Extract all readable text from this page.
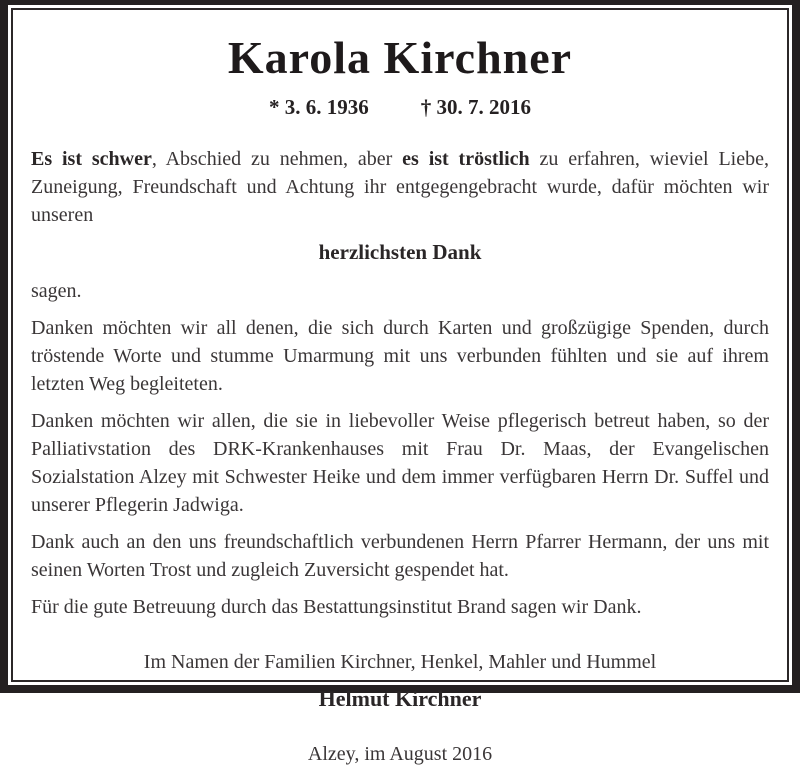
Karola Kirchner
* 3. 6. 1936 † 30. 7. 2016

Es ist schwer, Abschied zu nehmen, aber es ist tröstlich zu erfahren, wieviel Liebe, Zuneigung, Freundschaft und Achtung ihr entgegengebracht wurde, dafür möchten wir unseren

herzlichsten Dank

sagen.

Danken möchten wir all denen, die sich durch Karten und großzügige Spenden, durch tröstende Worte und stumme Umarmung mit uns verbunden fühlten und sie auf ihrem letzten Weg begleiteten.

Danken möchten wir allen, die sie in liebevoller Weise pflegerisch betreut haben, so der Palliativstation des DRK-Krankenhauses mit Frau Dr. Maas, der Evangelischen Sozialstation Alzey mit Schwester Heike und dem immer verfügbaren Herrn Dr. Suffel und unserer Pflegerin Jadwiga.

Dank auch an den uns freundschaftlich verbundenen Herrn Pfarrer Hermann, der uns mit seinen Worten Trost und zugleich Zuversicht gespendet hat.

Für die gute Betreuung durch das Bestattungsinstitut Brand sagen wir Dank.

Im Namen der Familien Kirchner, Henkel, Mahler und Hummel
Helmut Kirchner
Alzey, im August 2016
